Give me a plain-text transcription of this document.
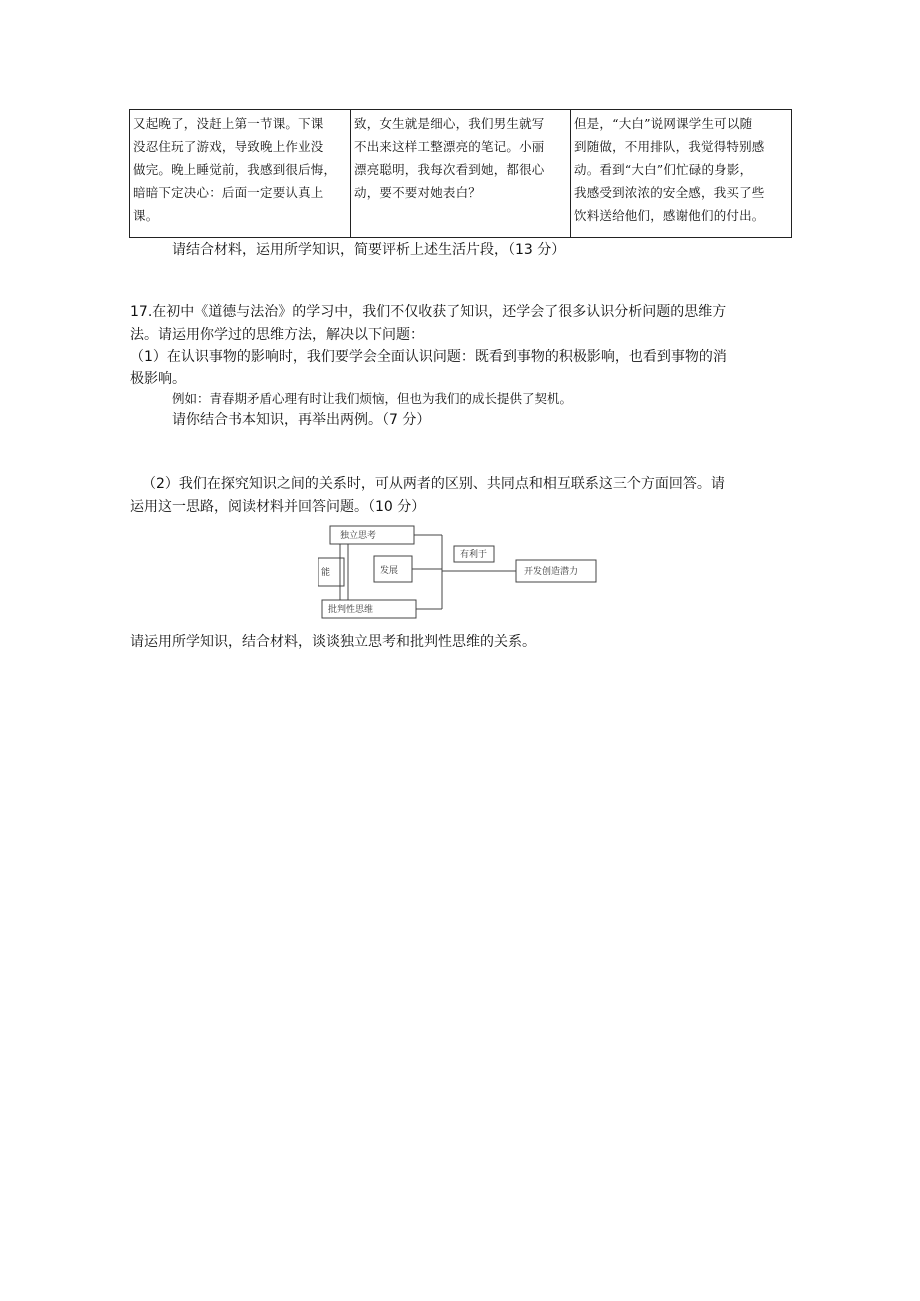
又起晚了，没赶上第一节课。下课
没忍住玩了游戏，导致晚上作业没
做完。晚上睡觉前，我感到很后悔，
暗暗下定决心：后面一定要认真上
课。

致，女生就是细心，我们男生就写
不出来这样工整漂亮的笔记。小丽
漂亮聪明，我每次看到她，都很心
动，要不要对她表白？

但是，“大白”说网课学生可以随
到随做，不用排队，我觉得特别感
动。看到“大白”们忙碌的身影，
我感受到浓浓的安全感，我买了些
饮料送给他们，感谢他们的付出。
请结合材料，运用所学知识，简要评析上述生活片段，（13 分）
17.在初中《道德与法治》的学习中，我们不仅收获了知识，还学会了很多认识分析问题的思维方
法。请运用你学过的思维方法，解决以下问题：
（1）在认识事物的影响时，我们要学会全面认识问题：既看到事物的积极影响，也看到事物的消
极影响。
例如：青春期矛盾心理有时让我们烦恼，但也为我们的成长提供了契机。
请你结合书本知识，再举出两例。（7 分）
（2）我们在探究知识之间的关系时，可从两者的区别、共同点和相互联系这三个方面回答。请
运用这一思路，阅读材料并回答问题。（10 分）
独立思考
能	发展
批判性思维
有利于
开发创造潜力
请运用所学知识，结合材料，谈谈独立思考和批判性思维的关系。
